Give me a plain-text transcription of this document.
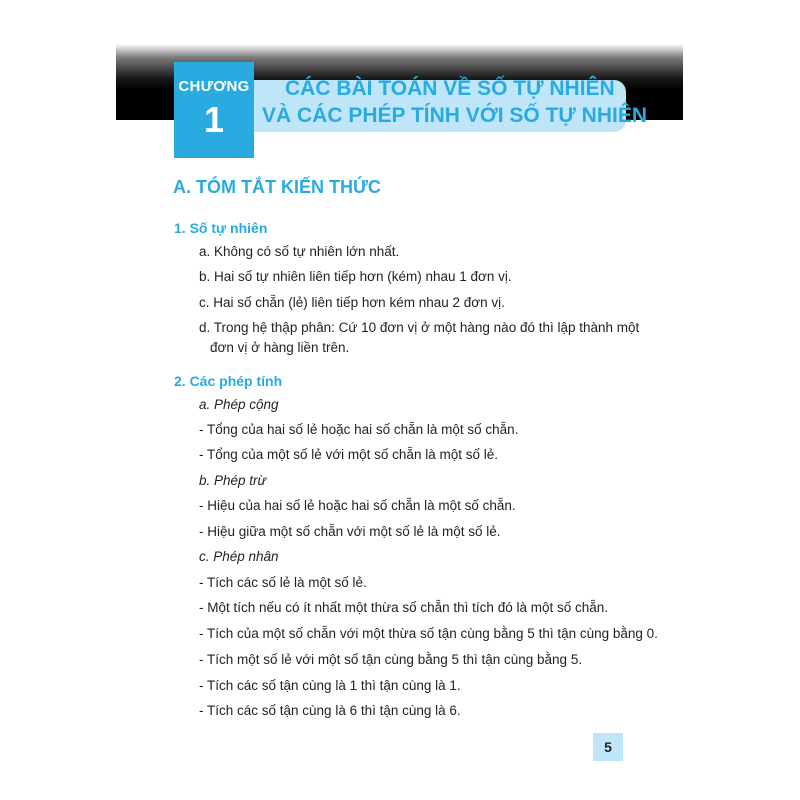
CHƯƠNG
1
CÁC BÀI TOÁN VỀ SỐ TỰ NHIÊN
VÀ CÁC PHÉP TÍNH VỚI SỐ TỰ NHIÊN
A. TÓM TẮT KIẾN THỨC
1. Số tự nhiên
a. Không có số tự nhiên lớn nhất.
b. Hai số tự nhiên liên tiếp hơn (kém) nhau 1 đơn vị.
c. Hai số chẵn (lẻ) liên tiếp hơn kém nhau 2 đơn vị.
d. Trong hệ thập phân: Cứ 10 đơn vị ở một hàng nào đó thì lập thành một
đơn vị ở hàng liền trên.
2. Các phép tính
a. Phép cộng
- Tổng của hai số lẻ hoặc hai số chẵn là một số chẵn.
- Tổng của một số lẻ với một số chẵn là một số lẻ.
b. Phép trừ
- Hiệu của hai số lẻ hoặc hai số chẵn là một số chẵn.
- Hiệu giữa một số chẵn với một số lẻ là một số lẻ.
c. Phép nhân
- Tích các số lẻ là một số lẻ.
- Một tích nếu có ít nhất một thừa số chẵn thì tích đó là một số chẵn.
- Tích của một số chẵn với một thừa số tận cùng bằng 5 thì tận cùng bằng 0.
- Tích một số lẻ với một số tận cùng bằng 5 thì tận cùng bằng 5.
- Tích các số tận cùng là 1 thì tận cùng là 1.
- Tích các số tận cùng là 6 thì tận cùng là 6.
5
